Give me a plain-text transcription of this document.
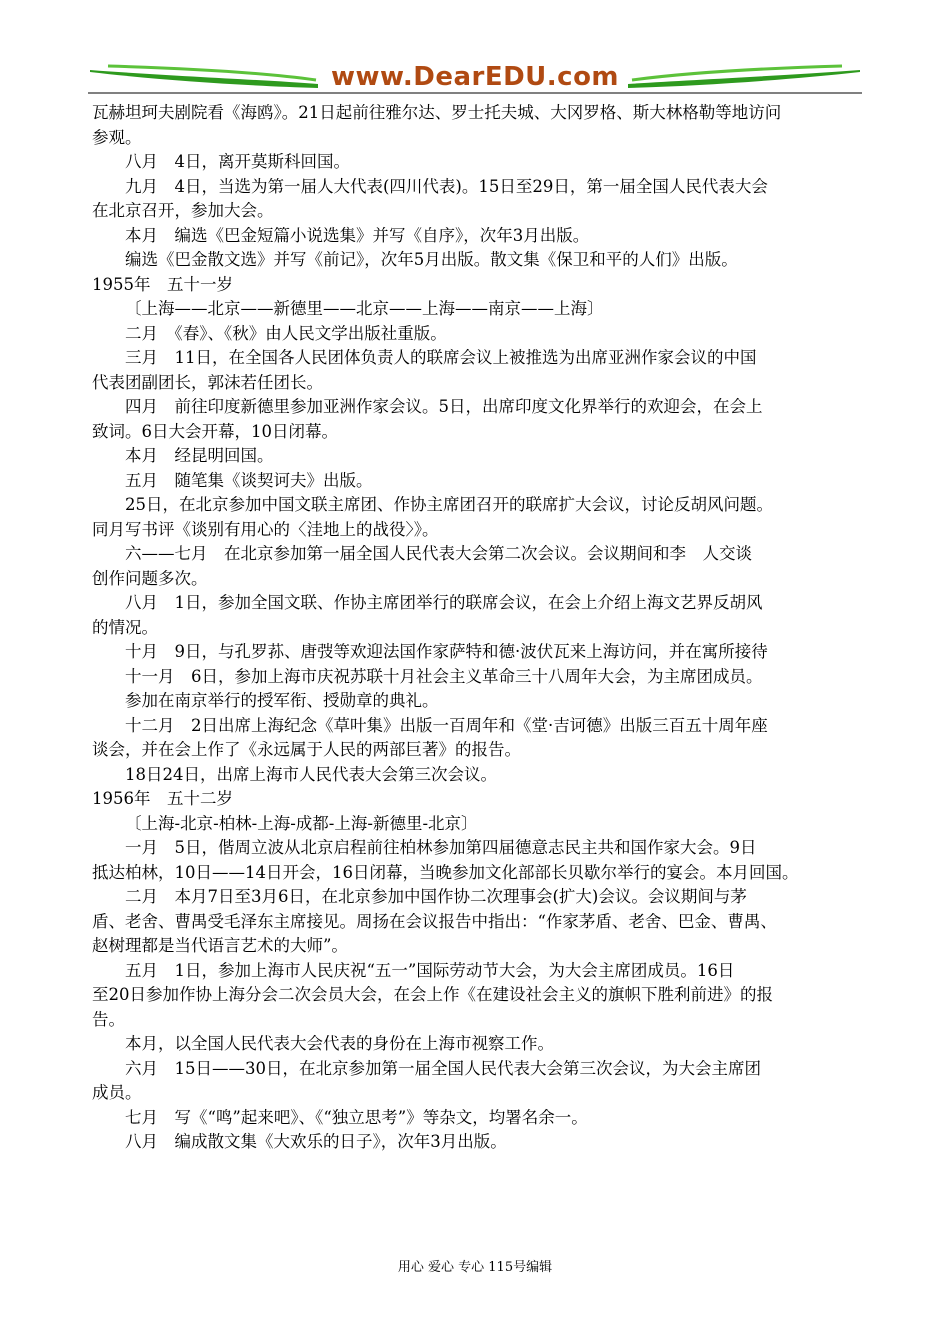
www.DearEDU.com

瓦赫坦珂夫剧院看《海鸥》。21日起前往雅尔达、罗士托夫城、大冈罗格、斯大林格勒等地访问

参观。

八月　4日，离开莫斯科回国。

九月　4日，当选为第一届人大代表(四川代表)。15日至29日，第一届全国人民代表大会

在北京召开，参加大会。

本月　编选《巴金短篇小说选集》并写《自序》，次年3月出版。

编选《巴金散文选》并写《前记》，次年5月出版。散文集《保卫和平的人们》出版。

1955年　五十一岁

〔上海——北京——新德里——北京——上海——南京——上海〕

二月　《春》、《秋》由人民文学出版社重版。

三月　11日，在全国各人民团体负责人的联席会议上被推选为出席亚洲作家会议的中国

代表团副团长，郭沫若任团长。

四月　前往印度新德里参加亚洲作家会议。5日，出席印度文化界举行的欢迎会，在会上

致词。6日大会开幕，10日闭幕。

本月　经昆明回国。

五月　随笔集《谈契诃夫》出版。

25日，在北京参加中国文联主席团、作协主席团召开的联席扩大会议，讨论反胡风问题。

同月写书评《谈别有用心的〈洼地上的战役〉》。

六——七月　在北京参加第一届全国人民代表大会第二次会议。会议期间和李　人交谈

创作问题多次。

八月　1日，参加全国文联、作协主席团举行的联席会议，在会上介绍上海文艺界反胡风

的情况。

十月　9日，与孔罗荪、唐弢等欢迎法国作家萨特和德·波伏瓦来上海访问，并在寓所接待

十一月　6日，参加上海市庆祝苏联十月社会主义革命三十八周年大会，为主席团成员。

参加在南京举行的授军衔、授勋章的典礼。

十二月　2日出席上海纪念《草叶集》出版一百周年和《堂·吉诃德》出版三百五十周年座

谈会，并在会上作了《永远属于人民的两部巨著》的报告。

18日24日，出席上海市人民代表大会第三次会议。

1956年　五十二岁

〔上海-北京-柏林-上海-成都-上海-新德里-北京〕

一月　5日，偕周立波从北京启程前往柏林参加第四届德意志民主共和国作家大会。9日

抵达柏林，10日——14日开会，16日闭幕，当晚参加文化部部长贝歇尔举行的宴会。本月回国。

二月　本月7日至3月6日，在北京参加中国作协二次理事会(扩大)会议。会议期间与茅

盾、老舍、曹禺受毛泽东主席接见。周扬在会议报告中指出：“作家茅盾、老舍、巴金、曹禺、

赵树理都是当代语言艺术的大师”。

五月　1日，参加上海市人民庆祝“五一”国际劳动节大会，为大会主席团成员。16日

至20日参加作协上海分会二次会员大会，在会上作《在建设社会主义的旗帜下胜利前进》的报

告。

本月，以全国人民代表大会代表的身份在上海市视察工作。

六月　15日——30日，在北京参加第一届全国人民代表大会第三次会议，为大会主席团

成员。

七月　写《“鸣”起来吧》、《“独立思考”》等杂文，均署名余一。

八月　编成散文集《大欢乐的日子》，次年3月出版。

用心 爱心 专心 115号编辑
